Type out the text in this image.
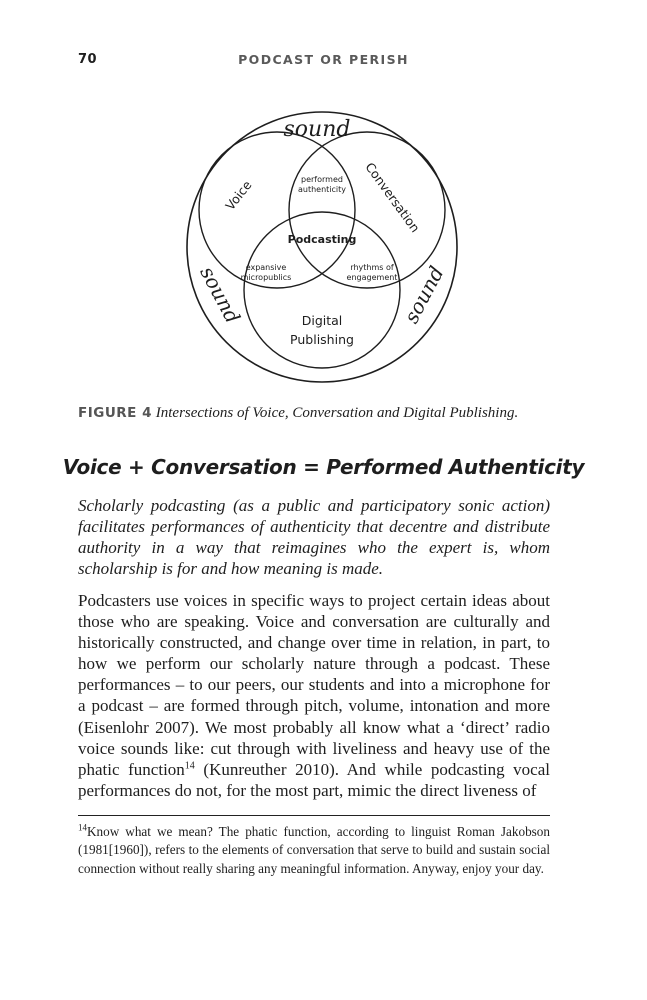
70	PODCAST OR PERISH
sound
sound	sound
Voice	Conversation
Digital
Publishing
Podcasting
performed
authenticity
expansive
micropublics
rhythms of
engagement
FIGURE 4 Intersections of Voice, Conversation and Digital Publishing.
Voice + Conversation = Performed Authenticity

Scholarly podcasting (as a public and participatory sonic action) facilitates performances of authenticity that decentre and distribute authority in a way that reimagines who the expert is, whom scholarship is for and how meaning is made.

Podcasters use voices in specific ways to project certain ideas about those who are speaking. Voice and conversation are culturally and historically constructed, and change over time in relation, in part, to how we perform our scholarly nature through a podcast. These performances – to our peers, our students and into a microphone for a podcast – are formed through pitch, volume, intonation and more (Eisenlohr 2007). We most probably all know what a ‘direct’ radio voice sounds like: cut through with liveliness and heavy use of the phatic function$^{14}$ (Kunreuther 2010). And while podcasting vocal performances do not, for the most part, mimic the direct liveness of

$^{14}$Know what we mean? The phatic function, according to linguist Roman Jakobson (1981[1960]), refers to the elements of conversation that serve to build and sustain social connection without really sharing any meaningful information. Anyway, enjoy your day.
